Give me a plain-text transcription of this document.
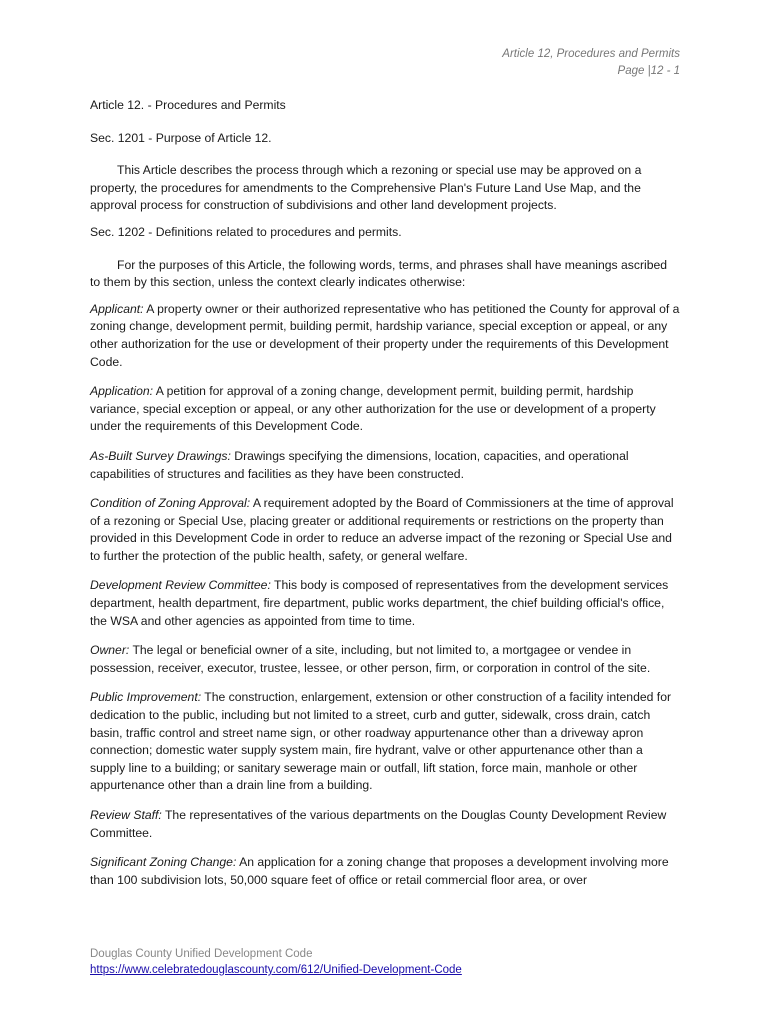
Article 12, Procedures and Permits
Page |12 - 1

Article 12. - Procedures and Permits

Sec. 1201 - Purpose of Article 12.

This Article describes the process through which a rezoning or special use may be approved on a property, the procedures for amendments to the Comprehensive Plan's Future Land Use Map, and the approval process for construction of subdivisions and other land development projects.

Sec. 1202 - Definitions related to procedures and permits.

For the purposes of this Article, the following words, terms, and phrases shall have meanings ascribed to them by this section, unless the context clearly indicates otherwise:

Applicant: A property owner or their authorized representative who has petitioned the County for approval of a zoning change, development permit, building permit, hardship variance, special exception or appeal, or any other authorization for the use or development of their property under the requirements of this Development Code.

Application: A petition for approval of a zoning change, development permit, building permit, hardship variance, special exception or appeal, or any other authorization for the use or development of a property under the requirements of this Development Code.

As-Built Survey Drawings: Drawings specifying the dimensions, location, capacities, and operational capabilities of structures and facilities as they have been constructed.

Condition of Zoning Approval: A requirement adopted by the Board of Commissioners at the time of approval of a rezoning or Special Use, placing greater or additional requirements or restrictions on the property than provided in this Development Code in order to reduce an adverse impact of the rezoning or Special Use and to further the protection of the public health, safety, or general welfare.

Development Review Committee: This body is composed of representatives from the development services department, health department, fire department, public works department, the chief building official's office, the WSA and other agencies as appointed from time to time.

Owner: The legal or beneficial owner of a site, including, but not limited to, a mortgagee or vendee in possession, receiver, executor, trustee, lessee, or other person, firm, or corporation in control of the site.

Public Improvement: The construction, enlargement, extension or other construction of a facility intended for dedication to the public, including but not limited to a street, curb and gutter, sidewalk, cross drain, catch basin, traffic control and street name sign, or other roadway appurtenance other than a driveway apron connection; domestic water supply system main, fire hydrant, valve or other appurtenance other than a supply line to a building; or sanitary sewerage main or outfall, lift station, force main, manhole or other appurtenance other than a drain line from a building.

Review Staff: The representatives of the various departments on the Douglas County Development Review Committee.

Significant Zoning Change: An application for a zoning change that proposes a development involving more than 100 subdivision lots, 50,000 square feet of office or retail commercial floor area, or over

Douglas County Unified Development Code
https://www.celebratedouglascounty.com/612/Unified-Development-Code
